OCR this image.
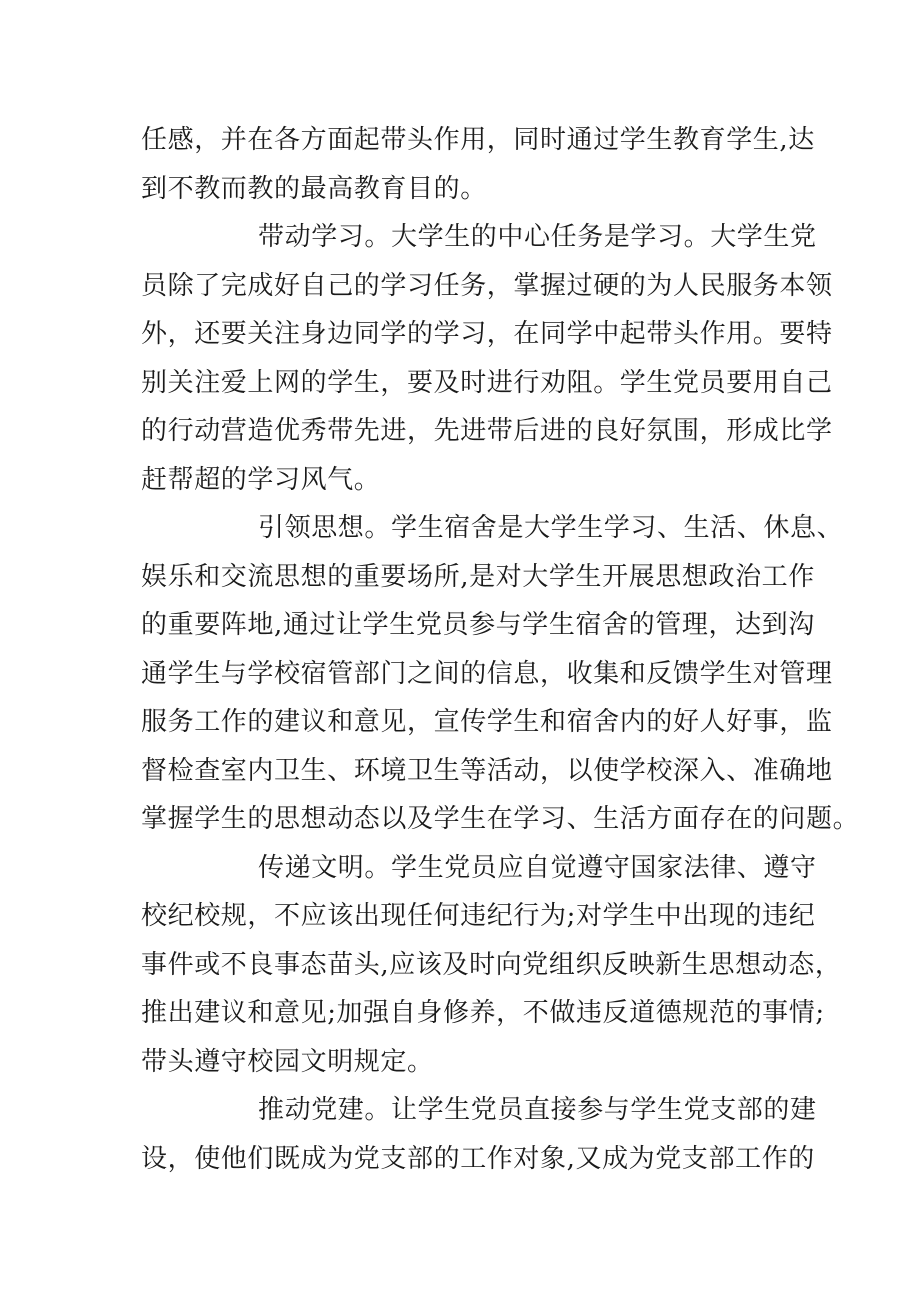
任感，并在各方面起带头作用，同时通过学生教育学生,达
到不教而教的最高教育目的。

带动学习。大学生的中心任务是学习。大学生党
员除了完成好自己的学习任务，掌握过硬的为人民服务本领
外，还要关注身边同学的学习，在同学中起带头作用。要特
别关注爱上网的学生，要及时进行劝阻。学生党员要用自己
的行动营造优秀带先进，先进带后进的良好氛围，形成比学
赶帮超的学习风气。

引领思想。学生宿舍是大学生学习、生活、休息、
娱乐和交流思想的重要场所,是对大学生开展思想政治工作
的重要阵地,通过让学生党员参与学生宿舍的管理，达到沟
通学生与学校宿管部门之间的信息，收集和反馈学生对管理
服务工作的建议和意见，宣传学生和宿舍内的好人好事，监
督检查室内卫生、环境卫生等活动，以使学校深入、准确地
掌握学生的思想动态以及学生在学习、生活方面存在的问题。

传递文明。学生党员应自觉遵守国家法律、遵守
校纪校规，不应该出现任何违纪行为;对学生中出现的违纪
事件或不良事态苗头,应该及时向党组织反映新生思想动态，
推出建议和意见;加强自身修养，不做违反道德规范的事情;
带头遵守校园文明规定。

推动党建。让学生党员直接参与学生党支部的建
设，使他们既成为党支部的工作对象,又成为党支部工作的
